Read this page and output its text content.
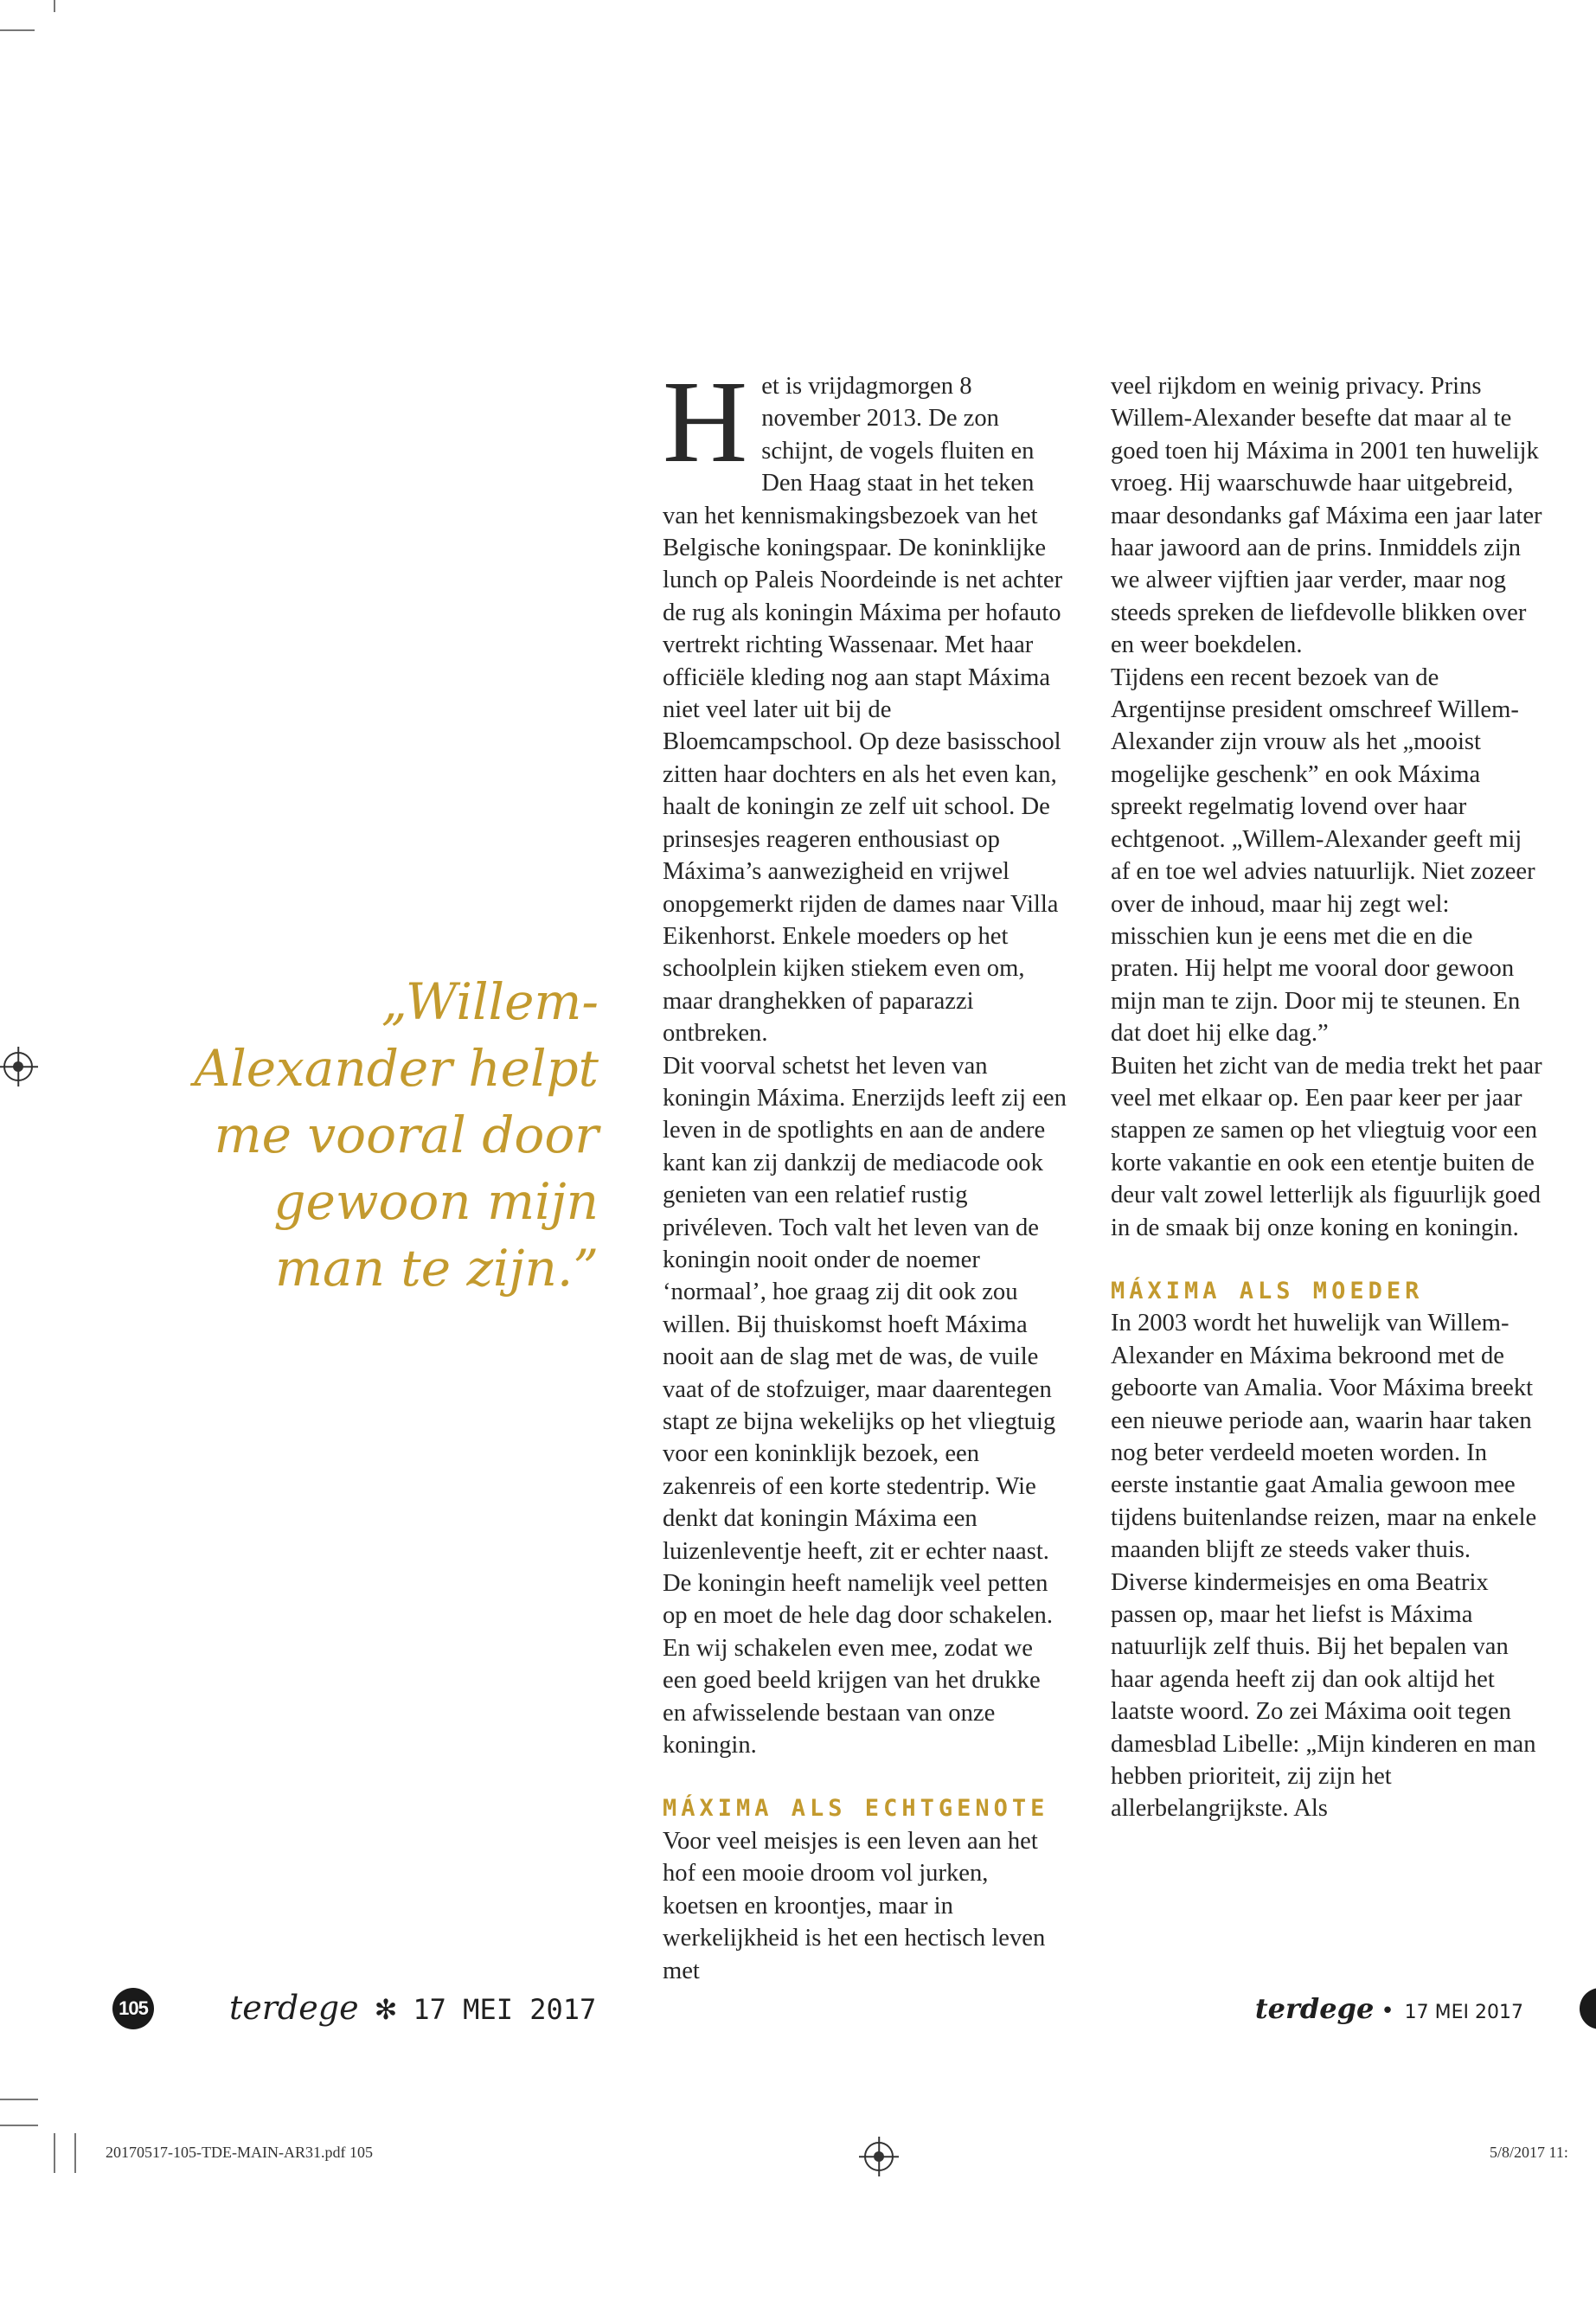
„Willem-
Alexander helpt
me vooral door
gewoon mijn
man te zijn.”

Het is vrijdagmorgen 8 november 2013. De zon schijnt, de vogels fluiten en Den Haag staat in het teken van het kennismakingsbezoek van het Belgische koningspaar. De koninklijke lunch op Paleis Noordeinde is net achter de rug als koningin Máxima per hofauto vertrekt richting Wassenaar. Met haar officiële kleding nog aan stapt Máxima niet veel later uit bij de Bloemcampschool. Op deze basisschool zitten haar dochters en als het even kan, haalt de koningin ze zelf uit school. De prinsesjes reageren enthousiast op Máxima’s aanwezigheid en vrijwel onopgemerkt rijden de dames naar Villa Eikenhorst. Enkele moeders op het schoolplein kijken stiekem even om, maar dranghekken of paparazzi ontbreken.

Dit voorval schetst het leven van koningin Máxima. Enerzijds leeft zij een leven in de spotlights en aan de andere kant kan zij dankzij de mediacode ook genieten van een relatief rustig privéleven. Toch valt het leven van de koningin nooit onder de noemer ‘normaal’, hoe graag zij dit ook zou willen. Bij thuiskomst hoeft Máxima nooit aan de slag met de was, de vuile vaat of de stofzuiger, maar daarentegen stapt ze bijna wekelijks op het vliegtuig voor een koninklijk bezoek, een zakenreis of een korte stedentrip. Wie denkt dat koningin Máxima een luizenleventje heeft, zit er echter naast. De koningin heeft namelijk veel petten op en moet de hele dag door schakelen. En wij schakelen even mee, zodat we een goed beeld krijgen van het drukke en afwisselende bestaan van onze koningin.

MÁXIMA ALS ECHTGENOTE

Voor veel meisjes is een leven aan het hof een mooie droom vol jurken, koetsen en kroontjes, maar in werkelijkheid is het een hectisch leven met

veel rijkdom en weinig privacy. Prins Willem-Alexander besefte dat maar al te goed toen hij Máxima in 2001 ten huwelijk vroeg. Hij waarschuwde haar uitgebreid, maar desondanks gaf Máxima een jaar later haar jawoord aan de prins. Inmiddels zijn we alweer vijftien jaar verder, maar nog steeds spreken de liefdevolle blikken over en weer boekdelen.

Tijdens een recent bezoek van de Argentijnse president omschreef Willem-Alexander zijn vrouw als het „mooist mogelijke geschenk” en ook Máxima spreekt regelmatig lovend over haar echtgenoot. „Willem-Alexander geeft mij af en toe wel advies natuurlijk. Niet zozeer over de inhoud, maar hij zegt wel: misschien kun je eens met die en die praten. Hij helpt me vooral door gewoon mijn man te zijn. Door mij te steunen. En dat doet hij elke dag.”

Buiten het zicht van de media trekt het paar veel met elkaar op. Een paar keer per jaar stappen ze samen op het vliegtuig voor een korte vakantie en ook een etentje buiten de deur valt zowel letterlijk als figuurlijk goed in de smaak bij onze koning en koningin.

MÁXIMA ALS MOEDER

In 2003 wordt het huwelijk van Willem-Alexander en Máxima bekroond met de geboorte van Amalia. Voor Máxima breekt een nieuwe periode aan, waarin haar taken nog beter verdeeld moeten worden. In eerste instantie gaat Amalia gewoon mee tijdens buitenlandse reizen, maar na enkele maanden blijft ze steeds vaker thuis. Diverse kindermeisjes en oma Beatrix passen op, maar het liefst is Máxima natuurlijk zelf thuis. Bij het bepalen van haar agenda heeft zij dan ook altijd het laatste woord. Zo zei Máxima ooit tegen damesblad Libelle: „Mijn kinderen en man hebben prioriteit, zij zijn het allerbelangrijkste. Als

105 terdege ✻ 17 MEI 2017	terdege • 17 MEI 2017
20170517-105-TDE-MAIN-AR31.pdf 105	5/8/2017 11:
